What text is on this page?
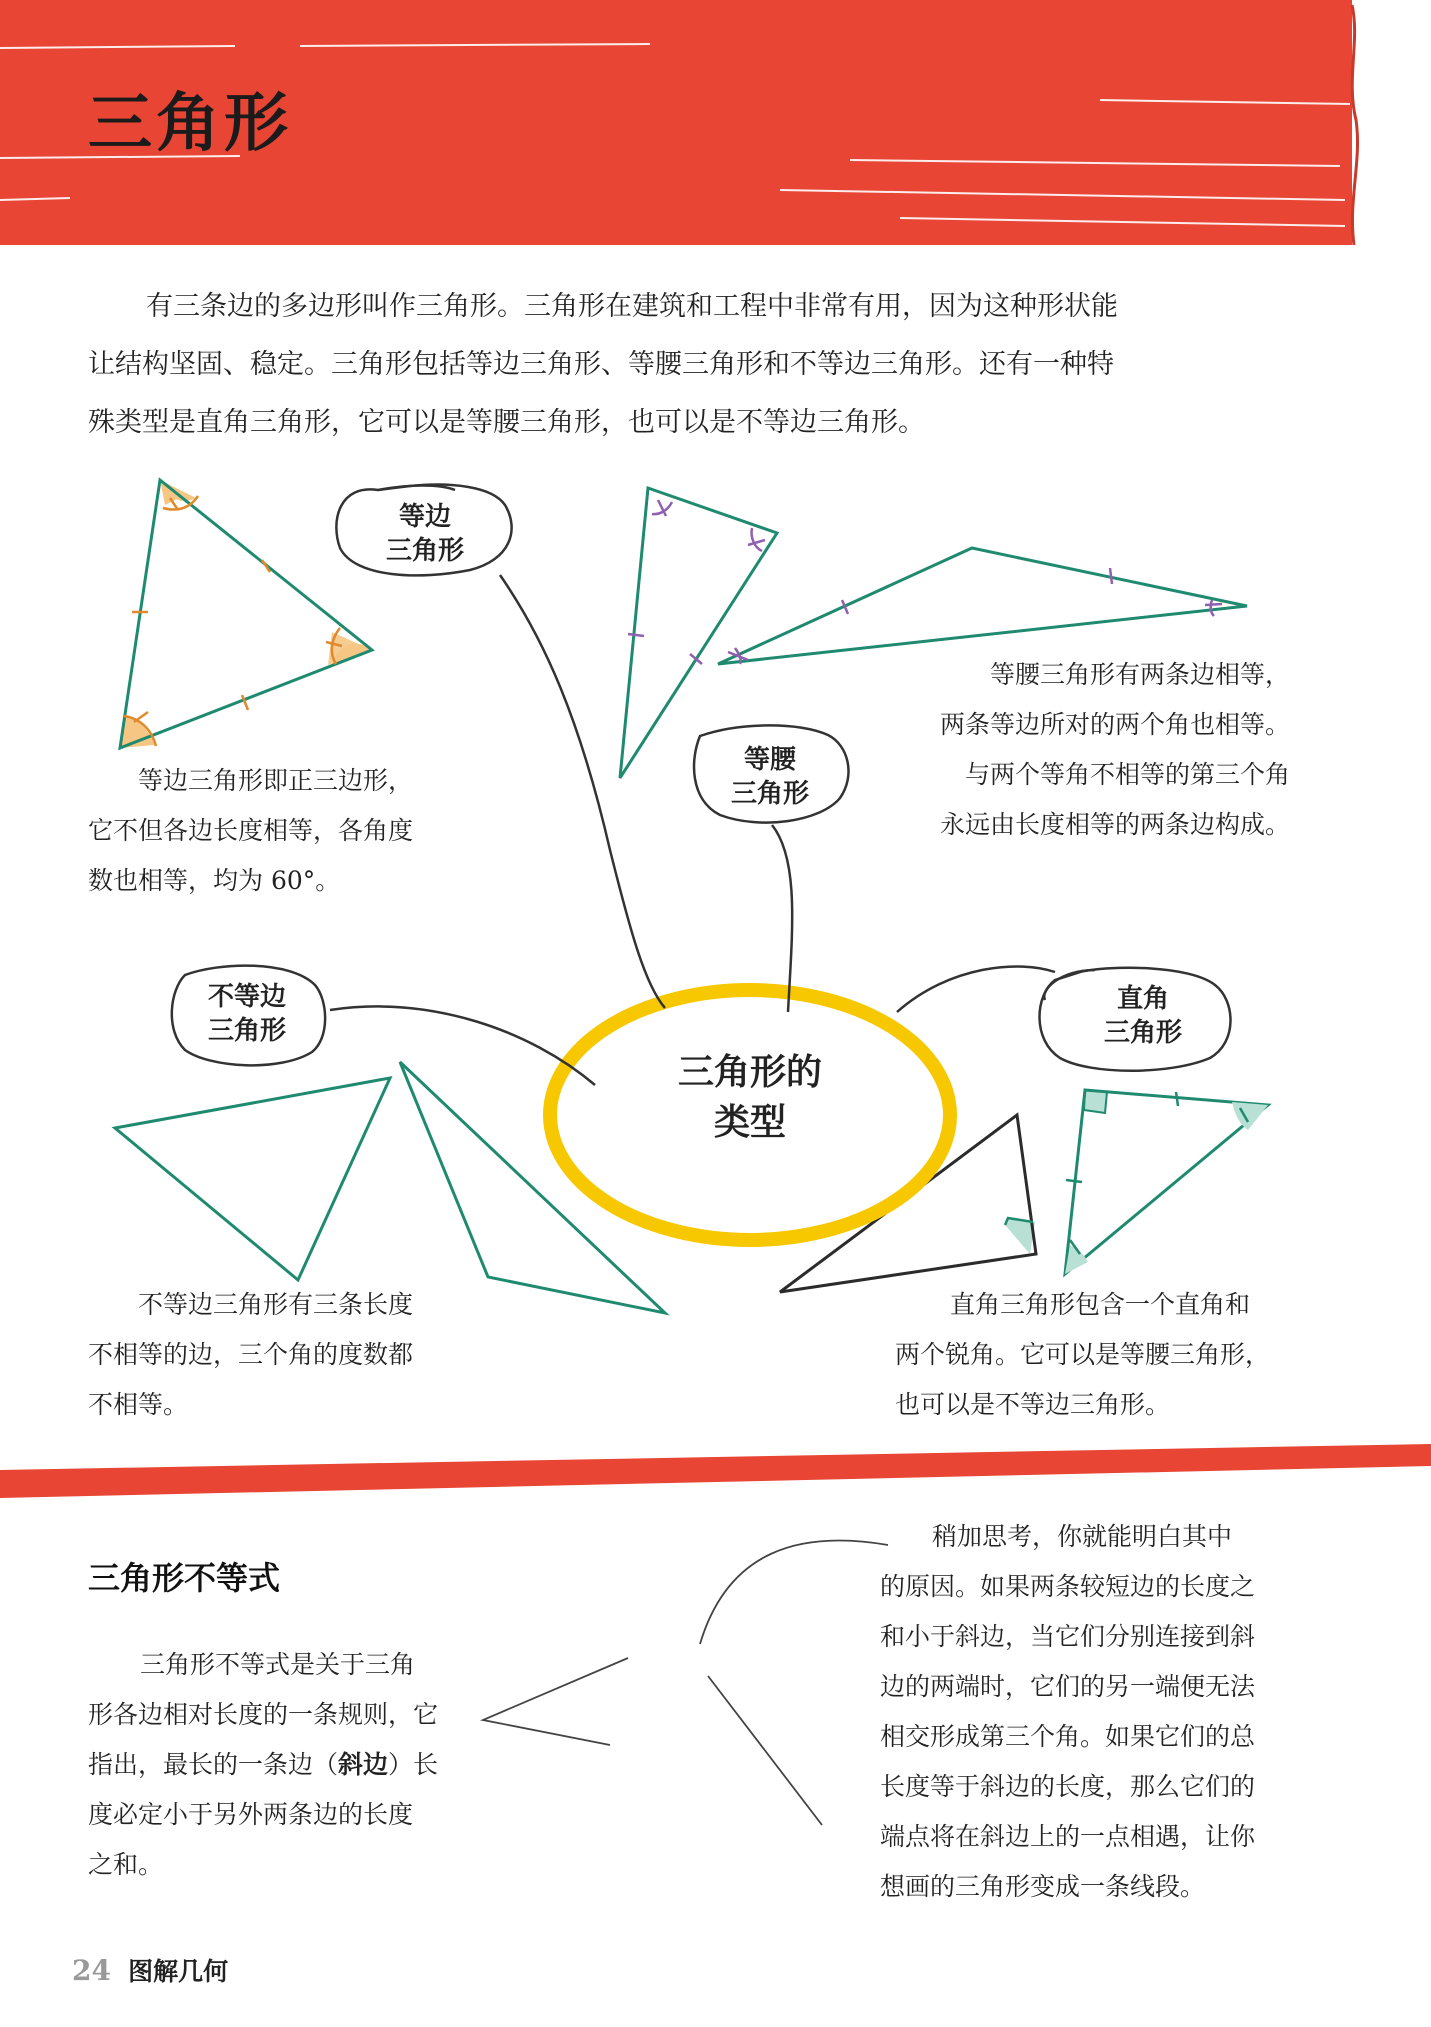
三角形

有三条边的多边形叫作三角形。三角形在建筑和工程中非常有用，因为这种形状能

让结构坚固、稳定。三角形包括等边三角形、等腰三角形和不等边三角形。还有一种特

殊类型是直角三角形，它可以是等腰三角形，也可以是不等边三角形。

等边
三角形
等腰
三角形
不等边
三角形
直角
三角形
三角形的
类型

等边三角形即正三边形，

它不但各边长度相等，各角度

数也相等，均为 60°。

等腰三角形有两条边相等，

两条等边所对的两个角也相等。

与两个等角不相等的第三个角

永远由长度相等的两条边构成。

不等边三角形有三条长度

不相等的边，三个角的度数都

不相等。

直角三角形包含一个直角和

两个锐角。它可以是等腰三角形，

也可以是不等边三角形。

三角形不等式

三角形不等式是关于三角

形各边相对长度的一条规则，它

指出，最长的一条边（斜边）长

度必定小于另外两条边的长度

之和。

稍加思考，你就能明白其中

的原因。如果两条较短边的长度之

和小于斜边，当它们分别连接到斜

边的两端时，它们的另一端便无法

相交形成第三个角。如果它们的总

长度等于斜边的长度，那么它们的

端点将在斜边上的一点相遇，让你

想画的三角形变成一条线段。

24 图解几何
